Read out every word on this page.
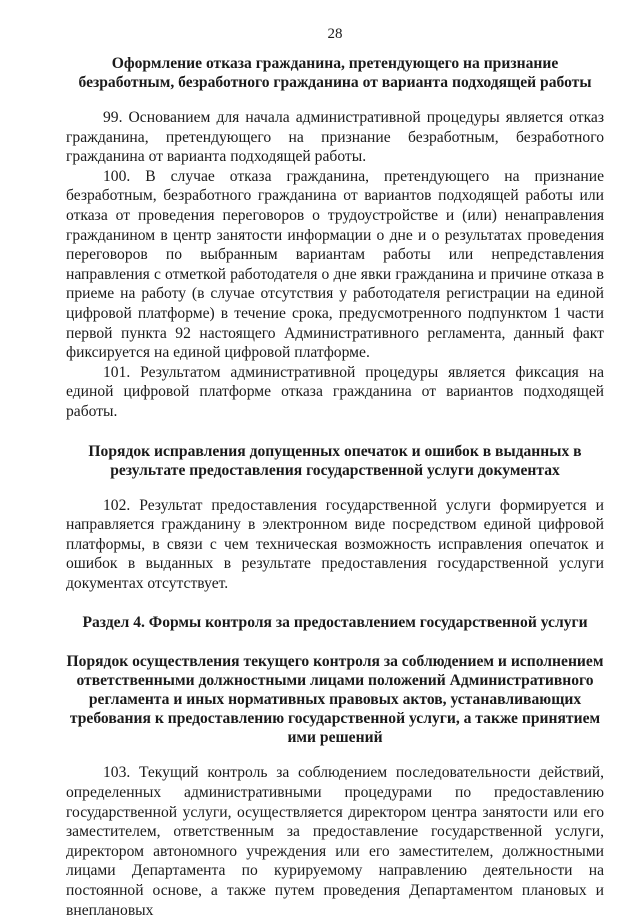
28
Оформление отказа гражданина, претендующего на признание безработным, безработного гражданина от варианта подходящей работы

99. Основанием для начала административной процедуры является отказ гражданина, претендующего на признание безработным, безработного гражданина от варианта подходящей работы.

100. В случае отказа гражданина, претендующего на признание безработным, безработного гражданина от вариантов подходящей работы или отказа от проведения переговоров о трудоустройстве и (или) ненаправления гражданином в центр занятости информации о дне и о результатах проведения переговоров по выбранным вариантам работы или непредставления направления с отметкой работодателя о дне явки гражданина и причине отказа в приеме на работу (в случае отсутствия у работодателя регистрации на единой цифровой платформе) в течение срока, предусмотренного подпунктом 1 части первой пункта 92 настоящего Административного регламента, данный факт фиксируется на единой цифровой платформе.

101. Результатом административной процедуры является фиксация на единой цифровой платформе отказа гражданина от вариантов подходящей работы.

Порядок исправления допущенных опечаток и ошибок в выданных в результате предоставления государственной услуги документах

102. Результат предоставления государственной услуги формируется и направляется гражданину в электронном виде посредством единой цифровой платформы, в связи с чем техническая возможность исправления опечаток и ошибок в выданных в результате предоставления государственной услуги документах отсутствует.

Раздел 4. Формы контроля за предоставлением государственной услуги
Порядок осуществления текущего контроля за соблюдением и исполнением ответственными должностными лицами положений Административного регламента и иных нормативных правовых актов, устанавливающих требования к предоставлению государственной услуги, а также принятием ими решений

103. Текущий контроль за соблюдением последовательности действий, определенных административными процедурами по предоставлению государственной услуги, осуществляется директором центра занятости или его заместителем, ответственным за предоставление государственной услуги, директором автономного учреждения или его заместителем, должностными лицами Департамента по курируемому направлению деятельности на постоянной основе, а также путем проведения Департаментом плановых и внеплановых
